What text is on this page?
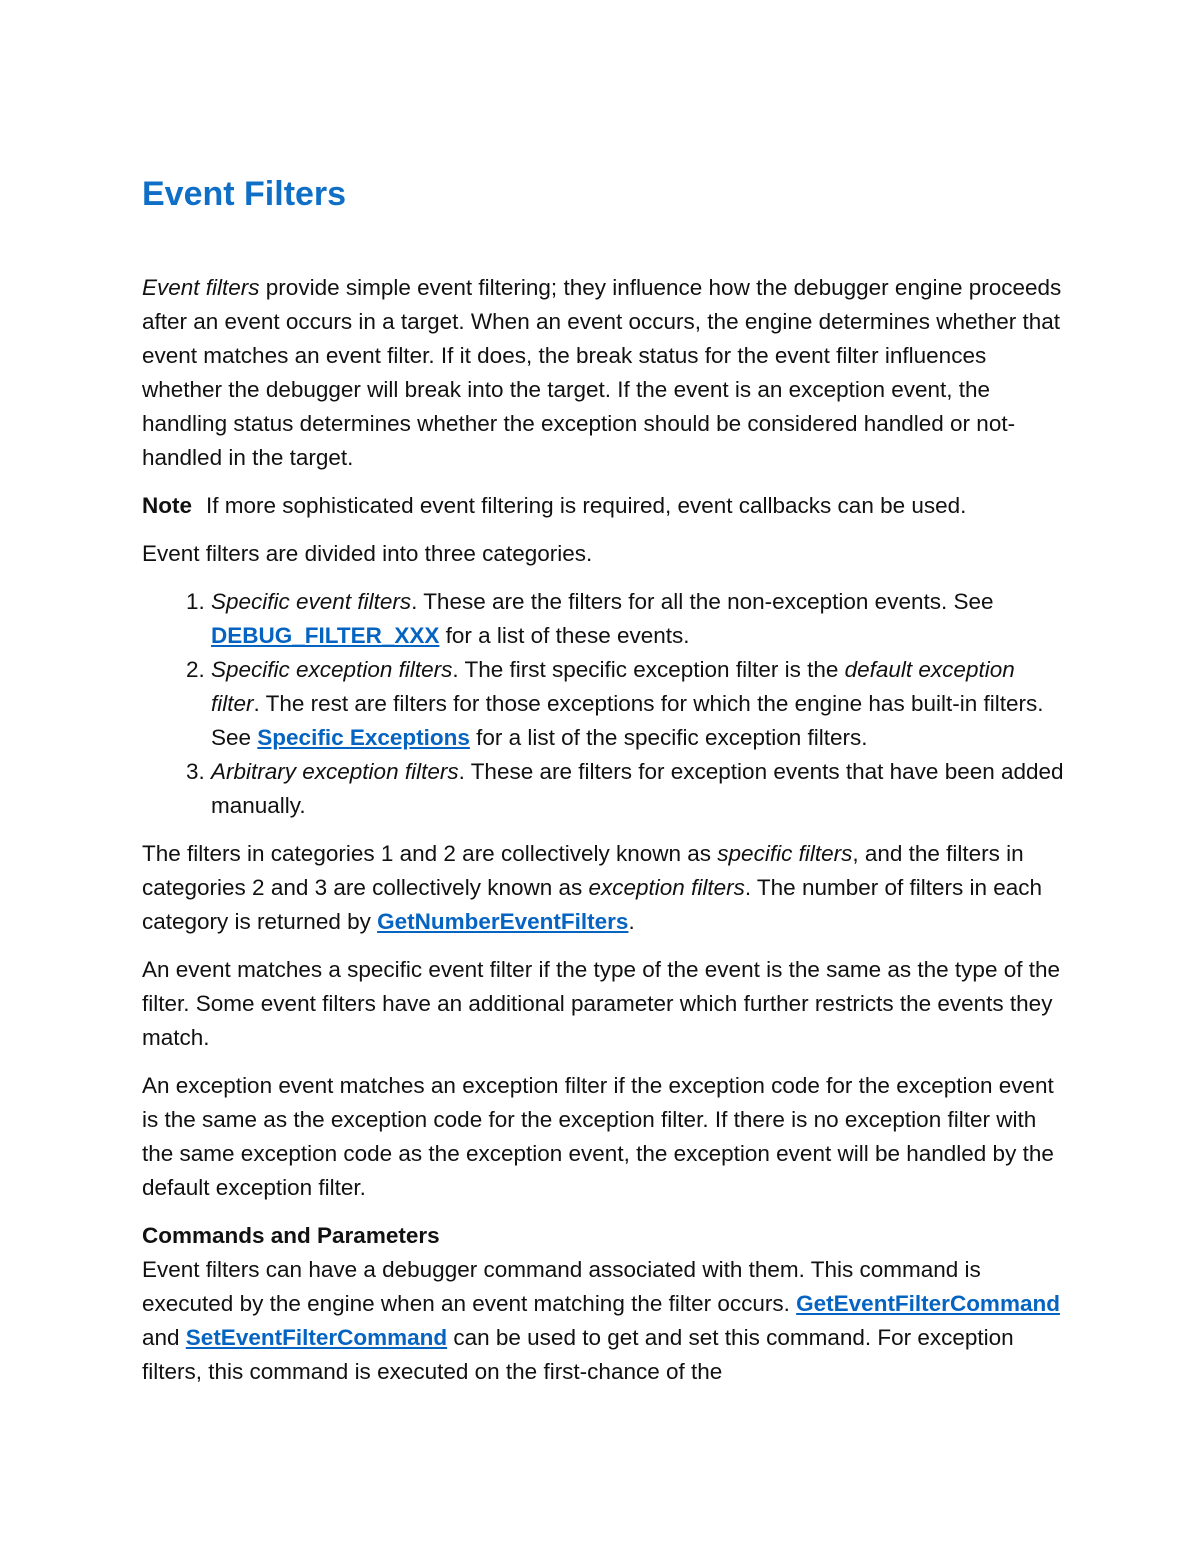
Event Filters

Event filters provide simple event filtering; they influence how the debugger engine proceeds after an event occurs in a target. When an event occurs, the engine determines whether that event matches an event filter. If it does, the break status for the event filter influences whether the debugger will break into the target. If the event is an exception event, the handling status determines whether the exception should be considered handled or not-handled in the target.

Note If more sophisticated event filtering is required, event callbacks can be used.

Event filters are divided into three categories.

1. Specific event filters. These are the filters for all the non-exception events. See DEBUG_FILTER_XXX for a list of these events.
2. Specific exception filters. The first specific exception filter is the default exception filter. The rest are filters for those exceptions for which the engine has built-in filters. See Specific Exceptions for a list of the specific exception filters.
3. Arbitrary exception filters. These are filters for exception events that have been added manually.

The filters in categories 1 and 2 are collectively known as specific filters, and the filters in categories 2 and 3 are collectively known as exception filters. The number of filters in each category is returned by GetNumberEventFilters.

An event matches a specific event filter if the type of the event is the same as the type of the filter. Some event filters have an additional parameter which further restricts the events they match.

An exception event matches an exception filter if the exception code for the exception event is the same as the exception code for the exception filter. If there is no exception filter with the same exception code as the exception event, the exception event will be handled by the default exception filter.

Commands and Parameters
Event filters can have a debugger command associated with them. This command is executed by the engine when an event matching the filter occurs. GetEventFilterCommand and SetEventFilterCommand can be used to get and set this command. For exception filters, this command is executed on the first-chance of the
